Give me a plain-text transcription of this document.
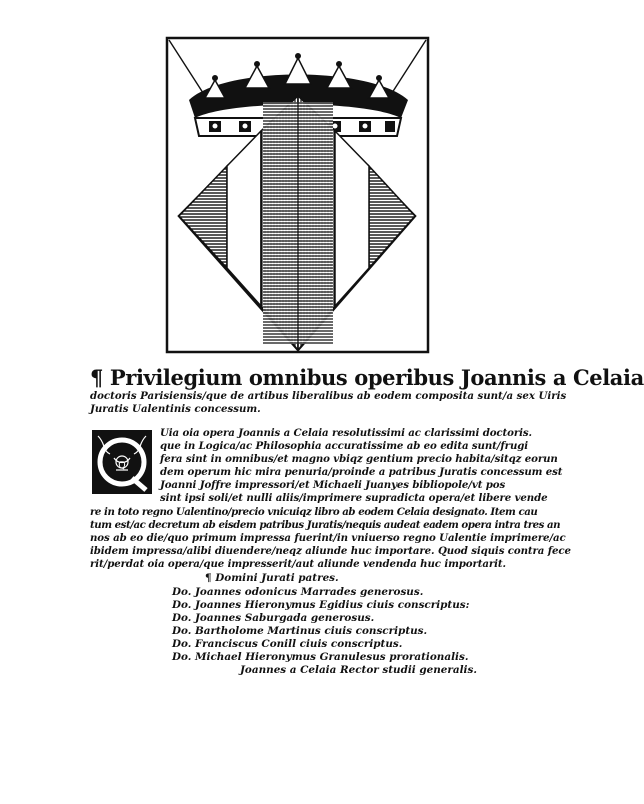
¶ Privilegium omnibus operibus Joannis a Celaia
doctoris Parisiensis/que de artibus liberalibus ab eodem composita sunt/a sex Uiris
Juratis Ualentinis concessum.
Q
Uia oia opera Joannis a Celaia resolutissimi ac clarissimi doctoris.
que in Logica/ac Philosophia accuratissime ab eo edita sunt/frugi
fera sint in omnibus/et magno vbiqz gentium precio habita/sitqz eorun
dem operum hic mira penuria/proinde a patribus Juratis concessum est
Joanni Joffre impressori/et Michaeli Juanyes bibliopole/vt pos
sint ipsi soli/et nulli aliis/imprimere supradicta opera/et libere vende
re in toto regno Ualentino/precio vnicuiqz libro ab eodem Celaia designato. Item cau
tum est/ac decretum ab eisdem patribus Juratis/nequis audeat eadem opera intra tres an
nos ab eo die/quo primum impressa fuerint/in vniuerso regno Ualentie imprimere/ac
ibidem impressa/alibi diuendere/neqz aliunde huc importare. Quod siquis contra fece
rit/perdat oia opera/que impresserit/aut aliunde vendenda huc importarit.
¶ Domini Jurati patres.
Do. Joannes odonicus Marrades generosus.
Do. Joannes Hieronymus Egidius ciuis conscriptus:
Do. Joannes Saburgada generosus.
Do. Bartholome Martinus ciuis conscriptus.
Do. Franciscus Conill ciuis conscriptus.
Do. Michael Hieronymus Granulesus prorationalis.
Joannes a Celaia Rector studii generalis.
